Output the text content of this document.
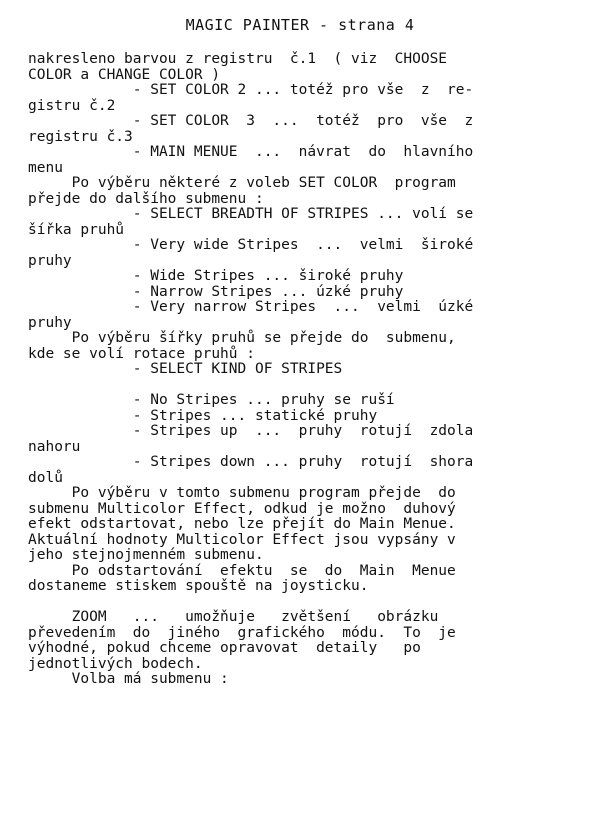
MAGIC PAINTER - strana 4
nakresleno barvou z registru  č.1  ( viz  CHOOSE
COLOR a CHANGE COLOR )
- SET COLOR 2 ... totéž pro vše  z  re-
gistru č.2
- SET COLOR  3  ...  totéž  pro  vše  z
registru č.3
- MAIN MENUE  ...  návrat  do  hlavního
menu
Po výběru některé z voleb SET COLOR  program
přejde do dalšího submenu :
- SELECT BREADTH OF STRIPES ... volí se
šířka pruhů
- Very wide Stripes  ...  velmi  široké
pruhy
- Wide Stripes ... široké pruhy
- Narrow Stripes ... úzké pruhy
- Very narrow Stripes  ...  velmi  úzké
pruhy
Po výběru šířky pruhů se přejde do  submenu,
kde se volí rotace pruhů :
- SELECT KIND OF STRIPES
- No Stripes ... pruhy se ruší
- Stripes ... statické pruhy
- Stripes up  ...  pruhy  rotují  zdola
nahoru
- Stripes down ... pruhy  rotují  shora
dolů
Po výběru v tomto submenu program přejde  do
submenu Multicolor Effect, odkud je možno  duhový
efekt odstartovat, nebo lze přejít do Main Menue.
Aktuální hodnoty Multicolor Effect jsou vypsány v
jeho stejnojmenném submenu.
Po odstartování  efektu  se  do  Main  Menue
dostaneme stiskem spouště na joysticku.
ZOOM   ...   umožňuje   zvětšení   obrázku
převedením  do  jiného  grafického  módu.  To  je
výhodné, pokud chceme opravovat  detaily   po
jednotlivých bodech.
Volba má submenu :
